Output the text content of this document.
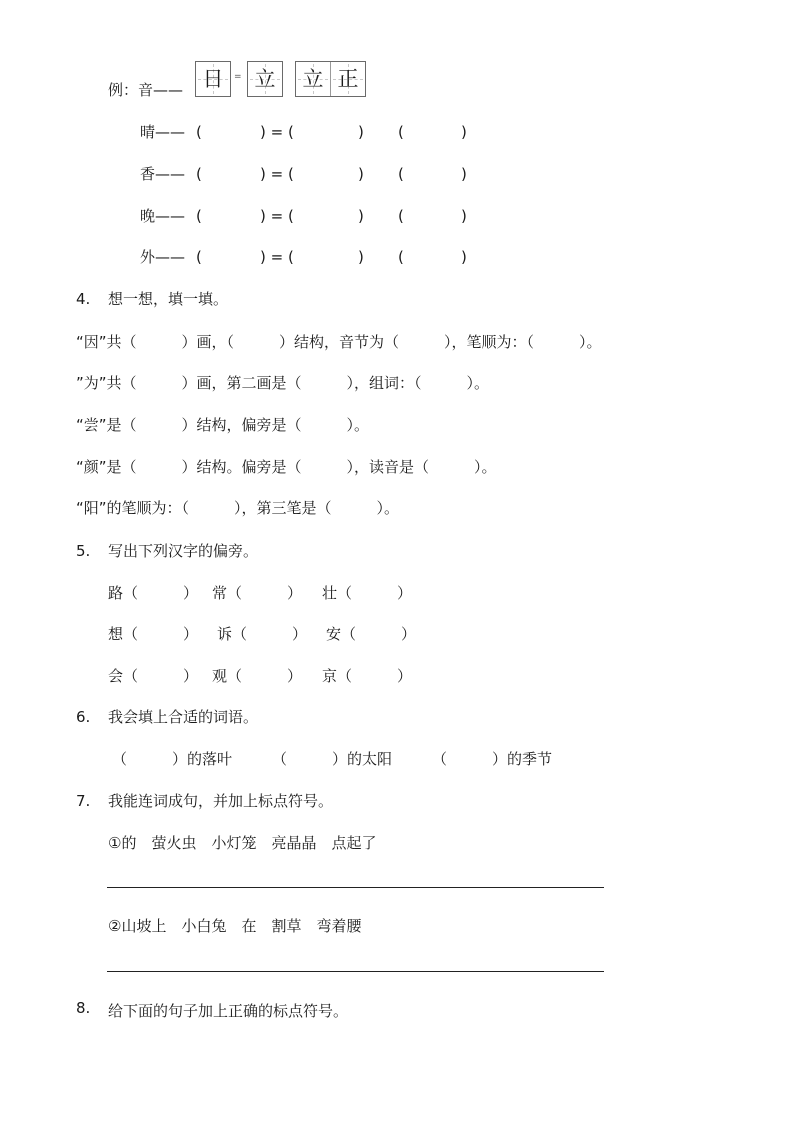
例：音—— 日	= 立	立 正
晴—— (	) = (	) (	)
香—— (	) = (	) (	)
晚—— (	) = (	) (	)
外—— (	) = (	) (	)
4. 想一想，填一填。
“因”共（　　　）画，（　　　）结构，音节为（　　　），笔顺为：（　　　）。
”为”共（　　　）画，第二画是（　　　），组词：（　　　）。
“尝”是（　　　）结构，偏旁是（　　　）。
“颜”是（　　　）结构。偏旁是（　　　），读音是（　　　）。
“阳”的笔顺为：（　　　），第三笔是（　　　）。
5. 写出下列汉字的偏旁。
路（　　　） 常（　　　） 壮（　　　）
想（　　　） 诉（　　　） 安（　　　）
会（　　　） 观（　　　） 京（　　　）
6. 我会填上合适的词语。
（　　　）的落叶	（　　　）的太阳	（　　　）的季节
7. 我能连词成句，并加上标点符号。
①的　萤火虫　小灯笼　亮晶晶　点起了
②山坡上　小白兔　在　割草　弯着腰
8. 给下面的句子加上正确的标点符号。
